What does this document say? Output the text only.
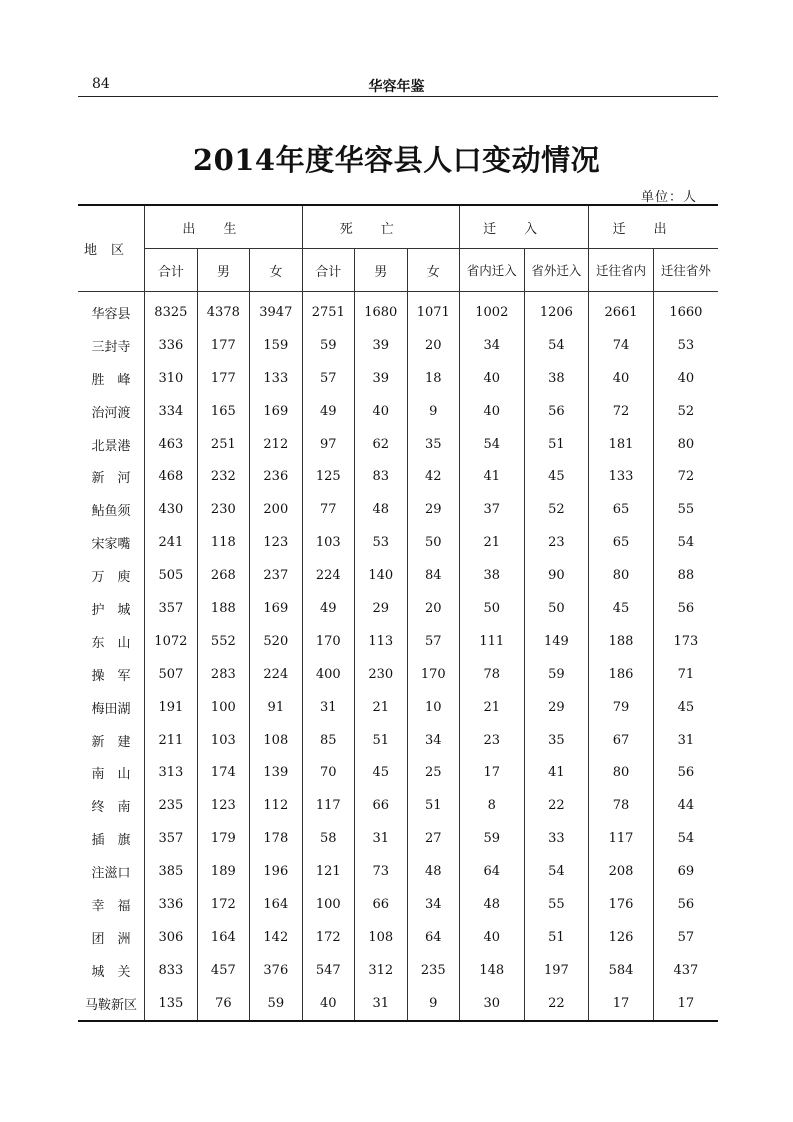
84	华容年鉴
2014年度华容县人口变动情况
单位：人
地区	出生			死亡			迁入		迁出	
	合计	男	女	合计	男	女	省内迁入	省外迁入	迁往省内	迁往省外
华容县	8325	4378	3947	2751	1680	1071	1002	1206	2661	1660
三封寺	336	177	159	59	39	20	34	54	74	53
胜　峰	310	177	133	57	39	18	40	38	40	40
治河渡	334	165	169	49	40	9	40	56	72	52
北景港	463	251	212	97	62	35	54	51	181	80
新　河	468	232	236	125	83	42	41	45	133	72
鲇鱼须	430	230	200	77	48	29	37	52	65	55
宋家嘴	241	118	123	103	53	50	21	23	65	54
万　庾	505	268	237	224	140	84	38	90	80	88
护　城	357	188	169	49	29	20	50	50	45	56
东　山	1072	552	520	170	113	57	111	149	188	173
操　军	507	283	224	400	230	170	78	59	186	71
梅田湖	191	100	91	31	21	10	21	29	79	45
新　建	211	103	108	85	51	34	23	35	67	31
南　山	313	174	139	70	45	25	17	41	80	56
终　南	235	123	112	117	66	51	8	22	78	44
插　旗	357	179	178	58	31	27	59	33	117	54
注滋口	385	189	196	121	73	48	64	54	208	69
幸　福	336	172	164	100	66	34	48	55	176	56
团　洲	306	164	142	172	108	64	40	51	126	57
城　关	833	457	376	547	312	235	148	197	584	437
马鞍新区	135	76	59	40	31	9	30	22	17	17
